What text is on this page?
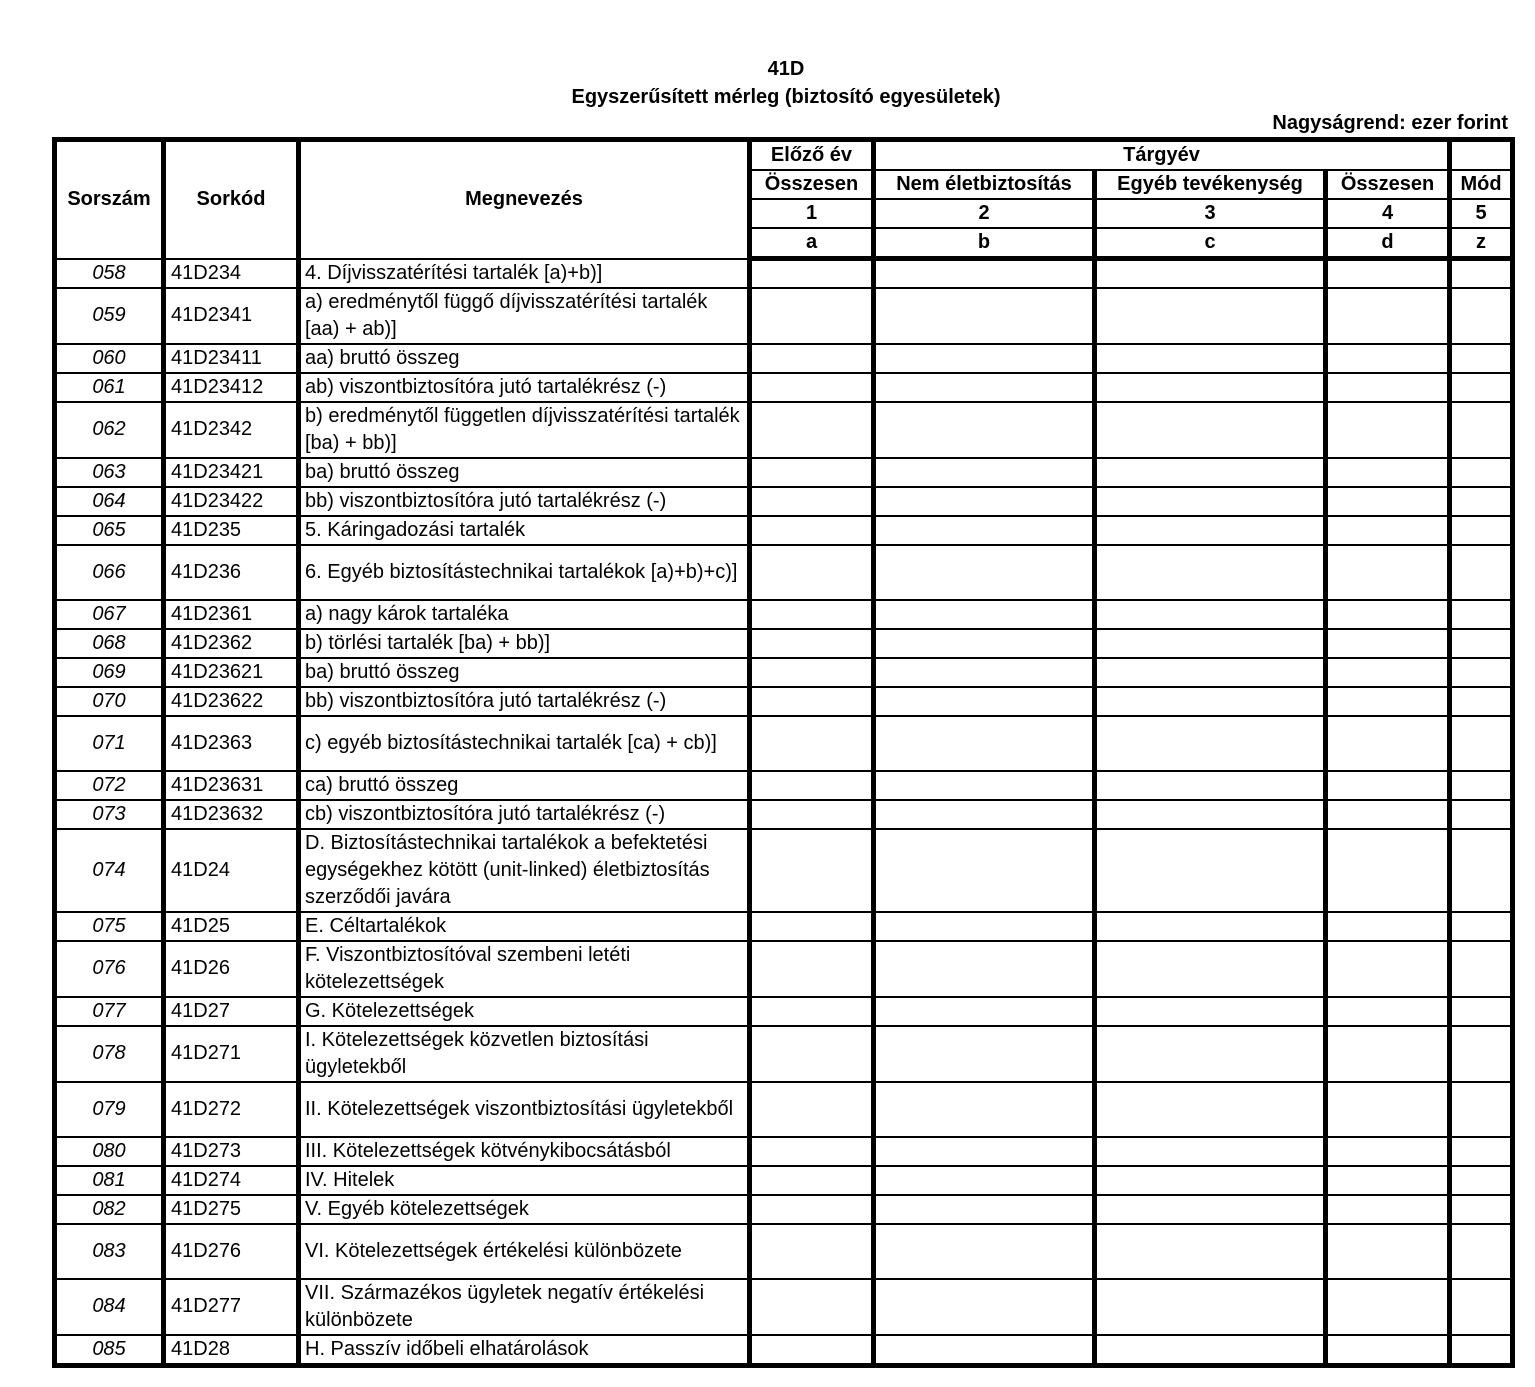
41D
Egyszerűsített mérleg (biztosító egyesületek)
Nagyságrend: ezer forint
Sorszám	Sorkód	Megnevezés	Előző év	Tárgyév			
			Összesen	Nem életbiztosítás	Egyéb tevékenység	Összesen	Mód
			1	2	3	4	5
			a	b	c	d	z
058	41D234	4. Díjvisszatérítési tartalék [a)+b)]					
059	41D2341	a) eredménytől függő díjvisszatérítési tartalék [aa) + ab)]					
060	41D23411	aa) bruttó összeg					
061	41D23412	ab) viszontbiztosítóra jutó tartalékrész (-)					
062	41D2342	b) eredménytől független díjvisszatérítési tartalék [ba) + bb)]					
063	41D23421	ba) bruttó összeg					
064	41D23422	bb) viszontbiztosítóra jutó tartalékrész (-)					
065	41D235	5. Káringadozási tartalék					
066	41D236	6. Egyéb biztosítástechnikai tartalékok [a)+b)+c)]					
067	41D2361	a) nagy károk tartaléka					
068	41D2362	b) törlési tartalék [ba) + bb)]					
069	41D23621	ba) bruttó összeg					
070	41D23622	bb) viszontbiztosítóra jutó tartalékrész (-)					
071	41D2363	c) egyéb biztosítástechnikai tartalék [ca) + cb)]					
072	41D23631	ca) bruttó összeg					
073	41D23632	cb) viszontbiztosítóra jutó tartalékrész (-)					
074	41D24	D. Biztosítástechnikai tartalékok a befektetési egységekhez kötött (unit-linked) életbiztosítás szerződői javára					
075	41D25	E. Céltartalékok					
076	41D26	F. Viszontbiztosítóval szembeni letéti kötelezettségek					
077	41D27	G. Kötelezettségek					
078	41D271	I. Kötelezettségek közvetlen biztosítási ügyletekből					
079	41D272	II. Kötelezettségek viszontbiztosítási ügyletekből					
080	41D273	III. Kötelezettségek kötvénykibocsátásból					
081	41D274	IV. Hitelek					
082	41D275	V. Egyéb kötelezettségek					
083	41D276	VI. Kötelezettségek értékelési különbözete					
084	41D277	VII. Származékos ügyletek negatív értékelési különbözete					
085	41D28	H. Passzív időbeli elhatárolások					
